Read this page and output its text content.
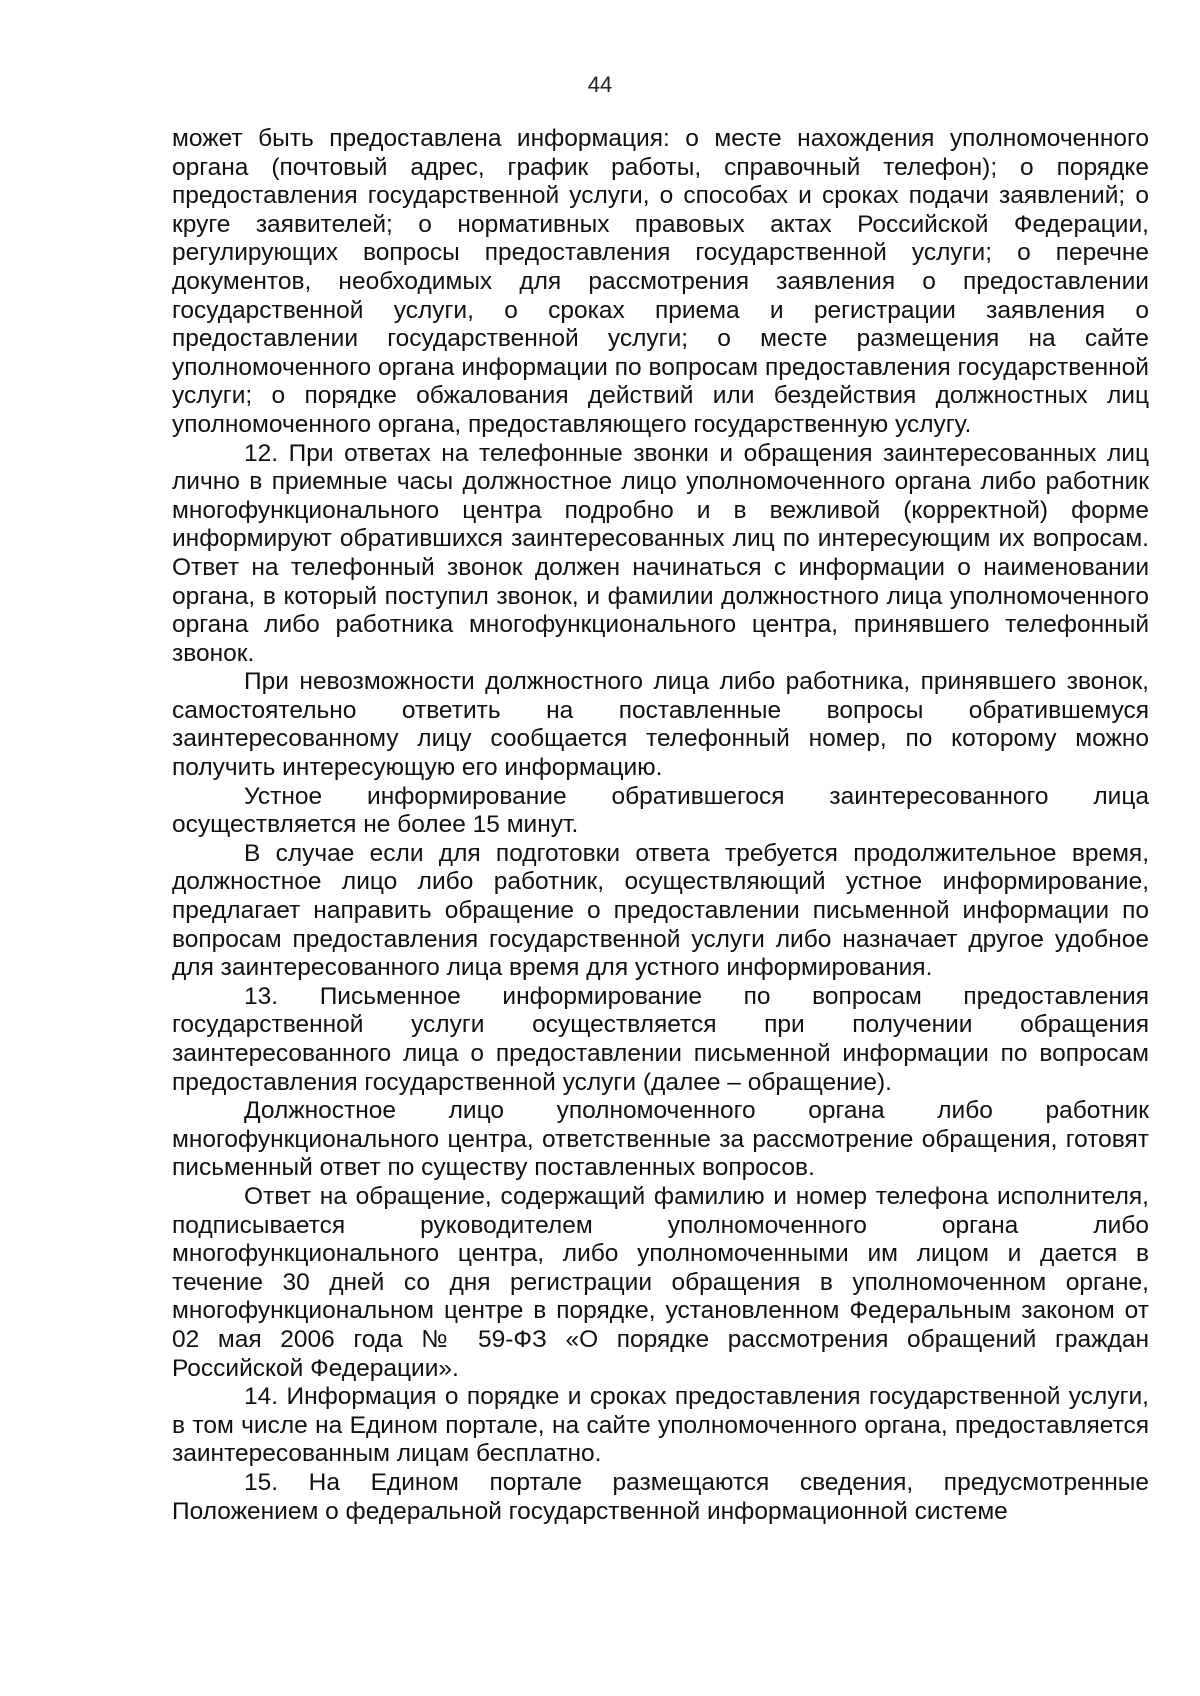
44

может быть предоставлена информация: о месте нахождения уполномоченного органа (почтовый адрес, график работы, справочный телефон); о порядке предоставления государственной услуги, о способах и сроках подачи заявлений; о круге заявителей; о нормативных правовых актах Российской Федерации, регулирующих вопросы предоставления государственной услуги; о перечне документов, необходимых для рассмотрения заявления о предоставлении государственной услуги, о сроках приема и регистрации заявления о предоставлении государственной услуги; о месте размещения на сайте уполномоченного органа информации по вопросам предоставления государственной услуги; о порядке обжалования действий или бездействия должностных лиц уполномоченного органа, предоставляющего государственную услугу.

12. При ответах на телефонные звонки и обращения заинтересованных лиц лично в приемные часы должностное лицо уполномоченного органа либо работник многофункционального центра подробно и в вежливой (корректной) форме информируют обратившихся заинтересованных лиц по интересующим их вопросам. Ответ на телефонный звонок должен начинаться с информации о наименовании органа, в который поступил звонок, и фамилии должностного лица уполномоченного органа либо работника многофункционального центра, принявшего телефонный звонок.

При невозможности должностного лица либо работника, принявшего звонок, самостоятельно ответить на поставленные вопросы обратившемуся заинтересованному лицу сообщается телефонный номер, по которому можно получить интересующую его информацию.

Устное информирование обратившегося заинтересованного лица осуществляется не более 15 минут.

В случае если для подготовки ответа требуется продолжительное время, должностное лицо либо работник, осуществляющий устное информирование, предлагает направить обращение о предоставлении письменной информации по вопросам предоставления государственной услуги либо назначает другое удобное для заинтересованного лица время для устного информирования.

13. Письменное информирование по вопросам предоставления государственной услуги осуществляется при получении обращения заинтересованного лица о предоставлении письменной информации по вопросам предоставления государственной услуги (далее – обращение).

Должностное лицо уполномоченного органа либо работник многофункционального центра, ответственные за рассмотрение обращения, готовят письменный ответ по существу поставленных вопросов.

Ответ на обращение, содержащий фамилию и номер телефона исполнителя, подписывается руководителем уполномоченного органа либо многофункционального центра, либо уполномоченными им лицом и дается в течение 30 дней со дня регистрации обращения в уполномоченном органе, многофункциональном центре в порядке, установленном Федеральным законом от 02 мая 2006 года № 59-ФЗ «О порядке рассмотрения обращений граждан Российской Федерации».

14. Информация о порядке и сроках предоставления государственной услуги, в том числе на Едином портале, на сайте уполномоченного органа, предоставляется заинтересованным лицам бесплатно.

15. На Едином портале размещаются сведения, предусмотренные Положением о федеральной государственной информационной системе
